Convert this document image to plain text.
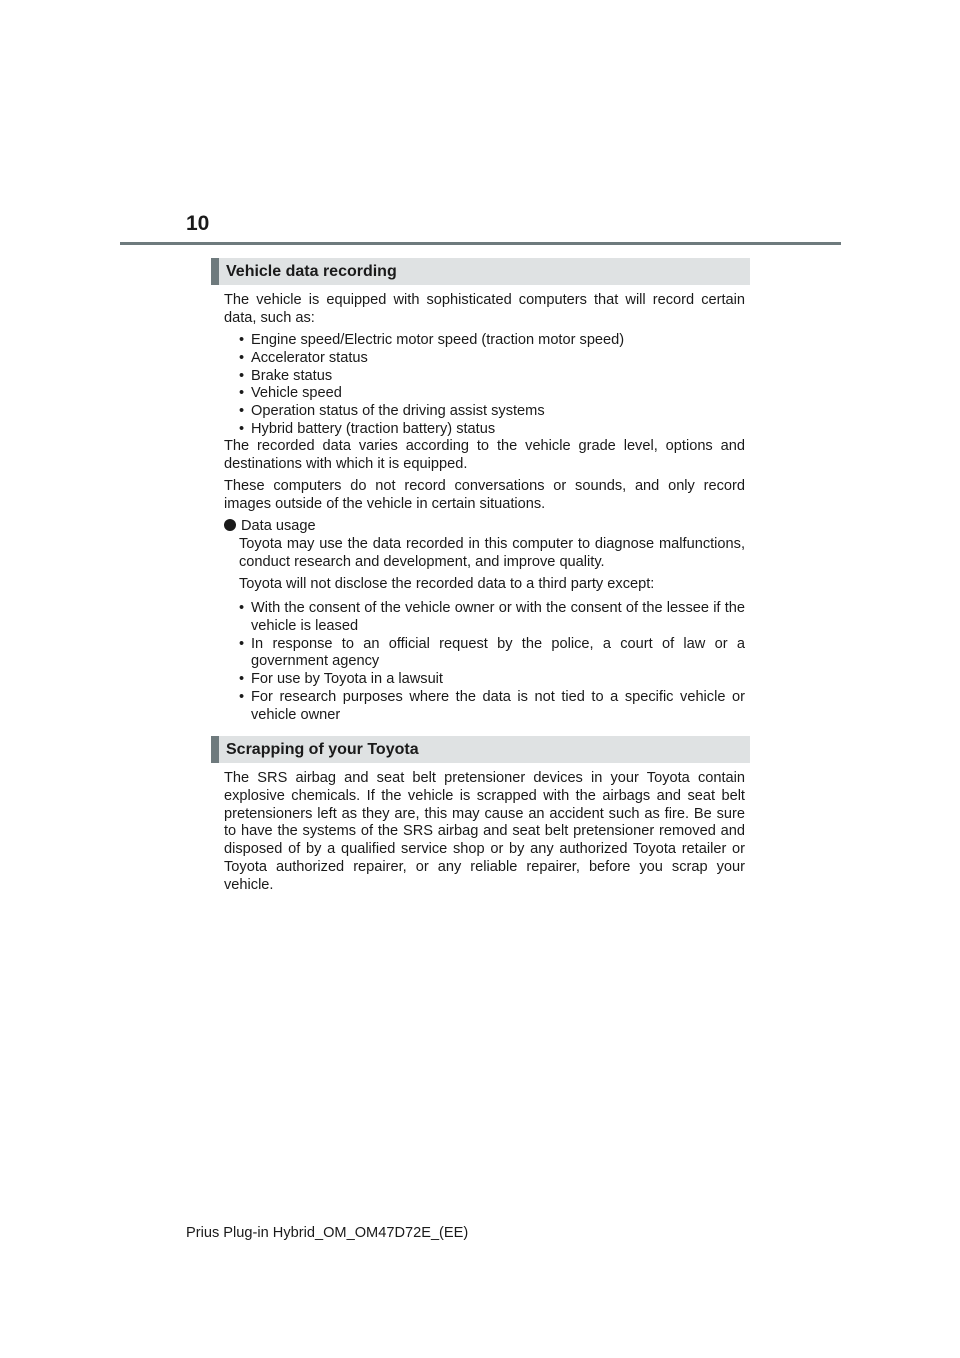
10
Vehicle data recording

The vehicle is equipped with sophisticated computers that will record certain data, such as:

• Engine speed/Electric motor speed (traction motor speed)
• Accelerator status
• Brake status
• Vehicle speed
• Operation status of the driving assist systems
• Hybrid battery (traction battery) status

The recorded data varies according to the vehicle grade level, options and destinations with which it is equipped.

These computers do not record conversations or sounds, and only record images outside of the vehicle in certain situations.

Data usage

Toyota may use the data recorded in this computer to diagnose malfunctions, conduct research and development, and improve quality.

Toyota will not disclose the recorded data to a third party except:

• With the consent of the vehicle owner or with the consent of the lessee if the vehicle is leased
• In response to an official request by the police, a court of law or a government agency
• For use by Toyota in a lawsuit
• For research purposes where the data is not tied to a specific vehicle or vehicle owner
Scrapping of your Toyota

The SRS airbag and seat belt pretensioner devices in your Toyota contain explosive chemicals. If the vehicle is scrapped with the airbags and seat belt pretensioners left as they are, this may cause an accident such as fire. Be sure to have the systems of the SRS airbag and seat belt pretensioner removed and disposed of by a qualified service shop or by any authorized Toyota retailer or Toyota authorized repairer, or any reliable repairer, before you scrap your vehicle.

Prius Plug-in Hybrid_OM_OM47D72E_(EE)
